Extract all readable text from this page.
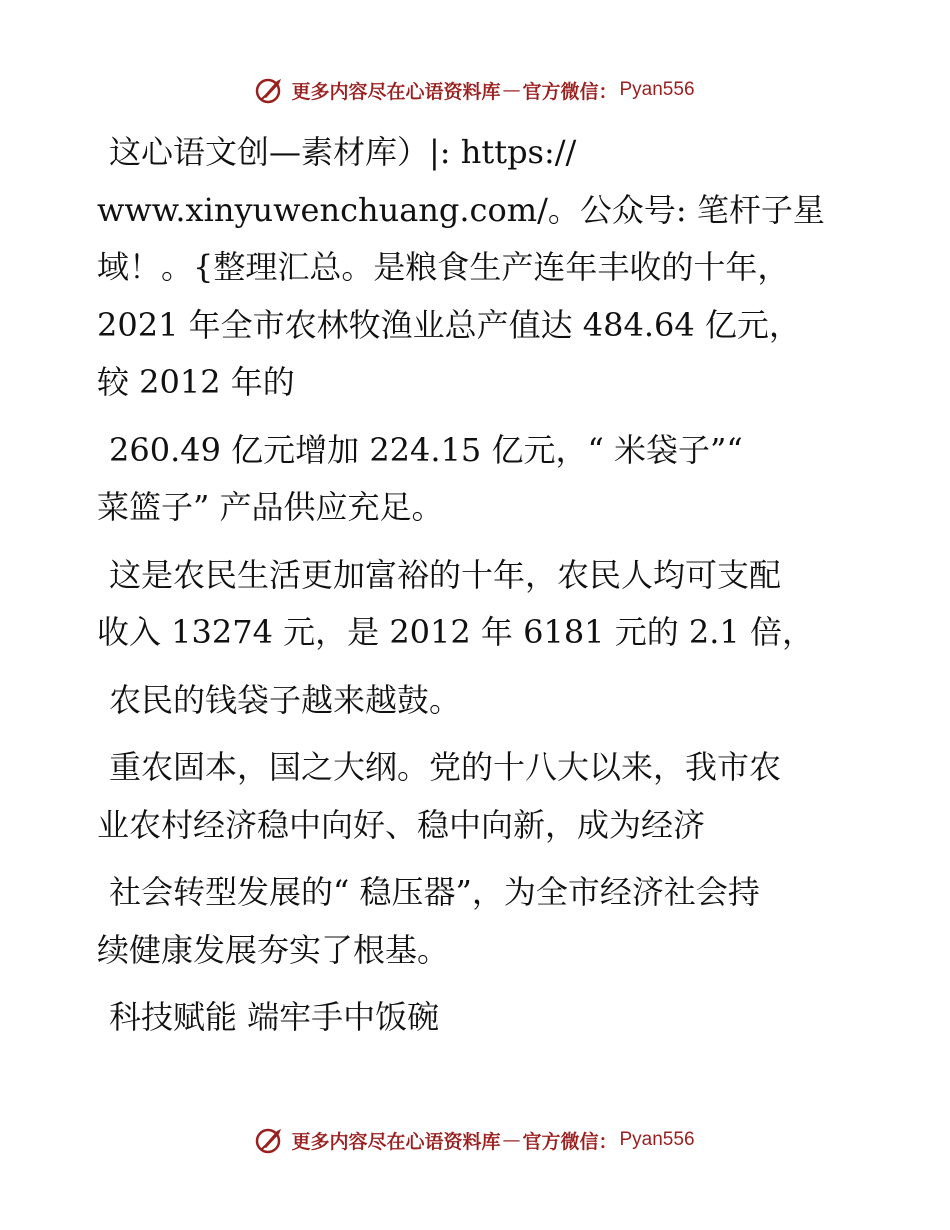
更多内容尽在心语资料库 — 官方微信： Pyan556

这心语文创—素材库）|: https://
www.xinyuwenchuang.com/。公众号: 笔杆子星
域！。{整理汇总。是粮食生产连年丰收的十年，
2021 年全市农林牧渔业总产值达 484.64 亿元，
较 2012 年的

260.49 亿元增加 224.15 亿元，“ 米袋子”“
菜篮子” 产品供应充足。

这是农民生活更加富裕的十年，农民人均可支配
收入 13274 元，是 2012 年 6181 元的 2.1 倍，

农民的钱袋子越来越鼓。

重农固本，国之大纲。党的十八大以来，我市农
业农村经济稳中向好、稳中向新，成为经济

社会转型发展的“ 稳压器”，为全市经济社会持
续健康发展夯实了根基。

科技赋能 端牢手中饭碗

更多内容尽在心语资料库 — 官方微信： Pyan556
